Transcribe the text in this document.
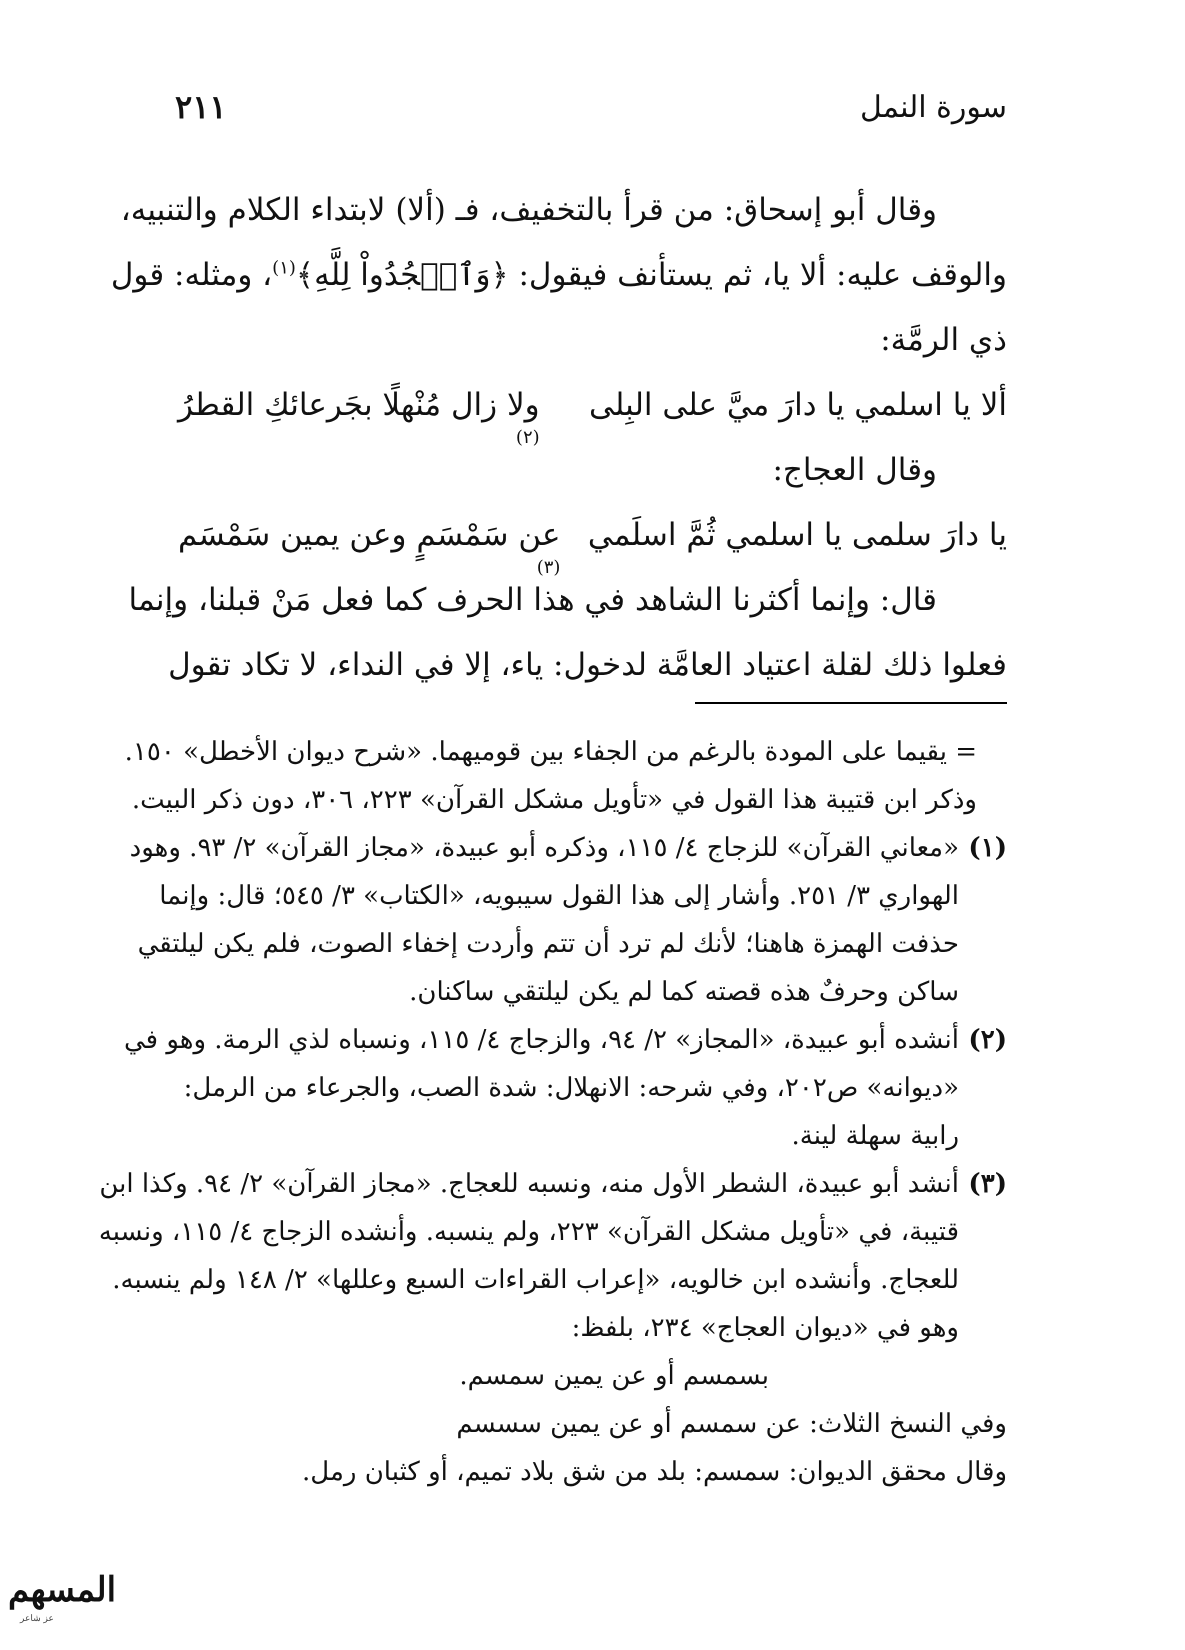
سورة النمل
٢١١

وقال أبو إسحاق: من قرأ بالتخفيف، فـ (ألا) لابتداء الكلام والتنبيه،

والوقف عليه: ألا يا، ثم يستأنف فيقول: ﴿وَٱسۡجُدُواْ لِلَّهِ﴾$^{(١)}$، ومثله: قول

ذي الرمَّة:

ألا يا اسلمي يا دارَ ميَّ على البِلى
ولا زال مُنْهلًا بجَرعائكِ القطرُ
(٢)

وقال العجاج:

يا دارَ سلمى يا اسلمي ثُمَّ اسلَمي
عن سَمْسَمٍ وعن يمين سَمْسَم
(٣)

قال: وإنما أكثرنا الشاهد في هذا الحرف كما فعل مَنْ قبلنا، وإنما

فعلوا ذلك لقلة اعتياد العامَّة لدخول: ياء، إلا في النداء، لا تكاد تقول

= يقيما على المودة بالرغم من الجفاء بين قوميهما. «شرح ديوان الأخطل» ١٥٠.

وذكر ابن قتيبة هذا القول في «تأويل مشكل القرآن» ٢٢٣، ٣٠٦، دون ذكر البيت.

(١)

«معاني القرآن» للزجاج ٤/ ١١٥، وذكره أبو عبيدة، «مجاز القرآن» ٢/ ٩٣. وهود

الهواري ٣/ ٢٥١. وأشار إلى هذا القول سيبويه، «الكتاب» ٣/ ٥٤٥؛ قال: وإنما

حذفت الهمزة هاهنا؛ لأنك لم ترد أن تتم وأردت إخفاء الصوت، فلم يكن ليلتقي

ساكن وحرفٌ هذه قصته كما لم يكن ليلتقي ساكنان.

(٢)

أنشده أبو عبيدة، «المجاز» ٢/ ٩٤، والزجاج ٤/ ١١٥، ونسباه لذي الرمة. وهو في

«ديوانه» ص٢٠٢، وفي شرحه: الانهلال: شدة الصب، والجرعاء من الرمل:

رابية سهلة لينة.

(٣)

أنشد أبو عبيدة، الشطر الأول منه، ونسبه للعجاج. «مجاز القرآن» ٢/ ٩٤. وكذا ابن

قتيبة، في «تأويل مشكل القرآن» ٢٢٣، ولم ينسبه. وأنشده الزجاج ٤/ ١١٥، ونسبه

للعجاج. وأنشده ابن خالويه، «إعراب القراءات السبع وعللها» ٢/ ١٤٨ ولم ينسبه.

وهو في «ديوان العجاج» ٢٣٤، بلفظ:

بسمسم أو عن يمين سمسم.

وفي النسخ الثلاث: عن سمسم أو عن يمين سسسم

وقال محقق الديوان: سمسم: بلد من شق بلاد تميم، أو كثبان رمل.

المسهم
عز شاعر
